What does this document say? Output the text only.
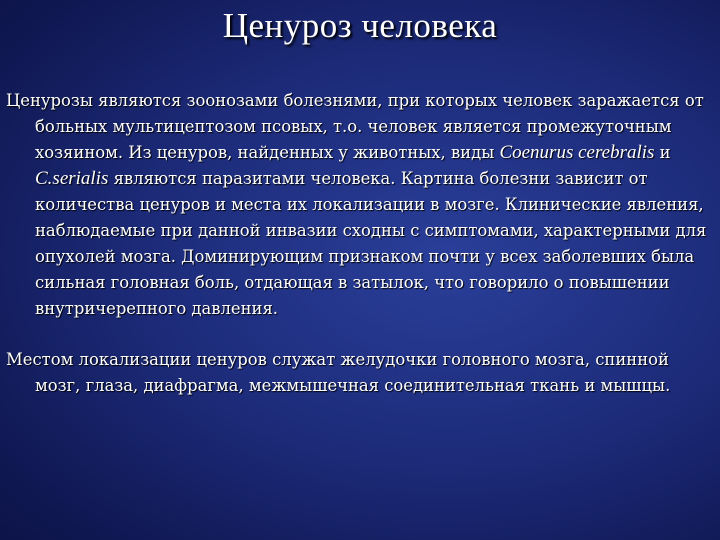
Ценуроз человека

Ценурозы являются зоонозами болезнями, при которых человек заражается от больных мультицептозом псовых, т.о. человек является промежуточным хозяином. Из ценуров, найденных у животных, виды Coenurus cerebralis и C.serialis являются паразитами человека. Картина болезни зависит от количества ценуров и места их локализации в мозге. Клинические явления, наблюдаемые при данной инвазии сходны с симптомами, характерными для опухолей мозга. Доминирующим признаком почти у всех заболевших была сильная головная боль, отдающая в затылок, что говорило о повышении внутричерепного давления.

Местом локализации ценуров служат желудочки головного мозга, спинной мозг, глаза, диафрагма, межмышечная соединительная ткань и мышцы.
